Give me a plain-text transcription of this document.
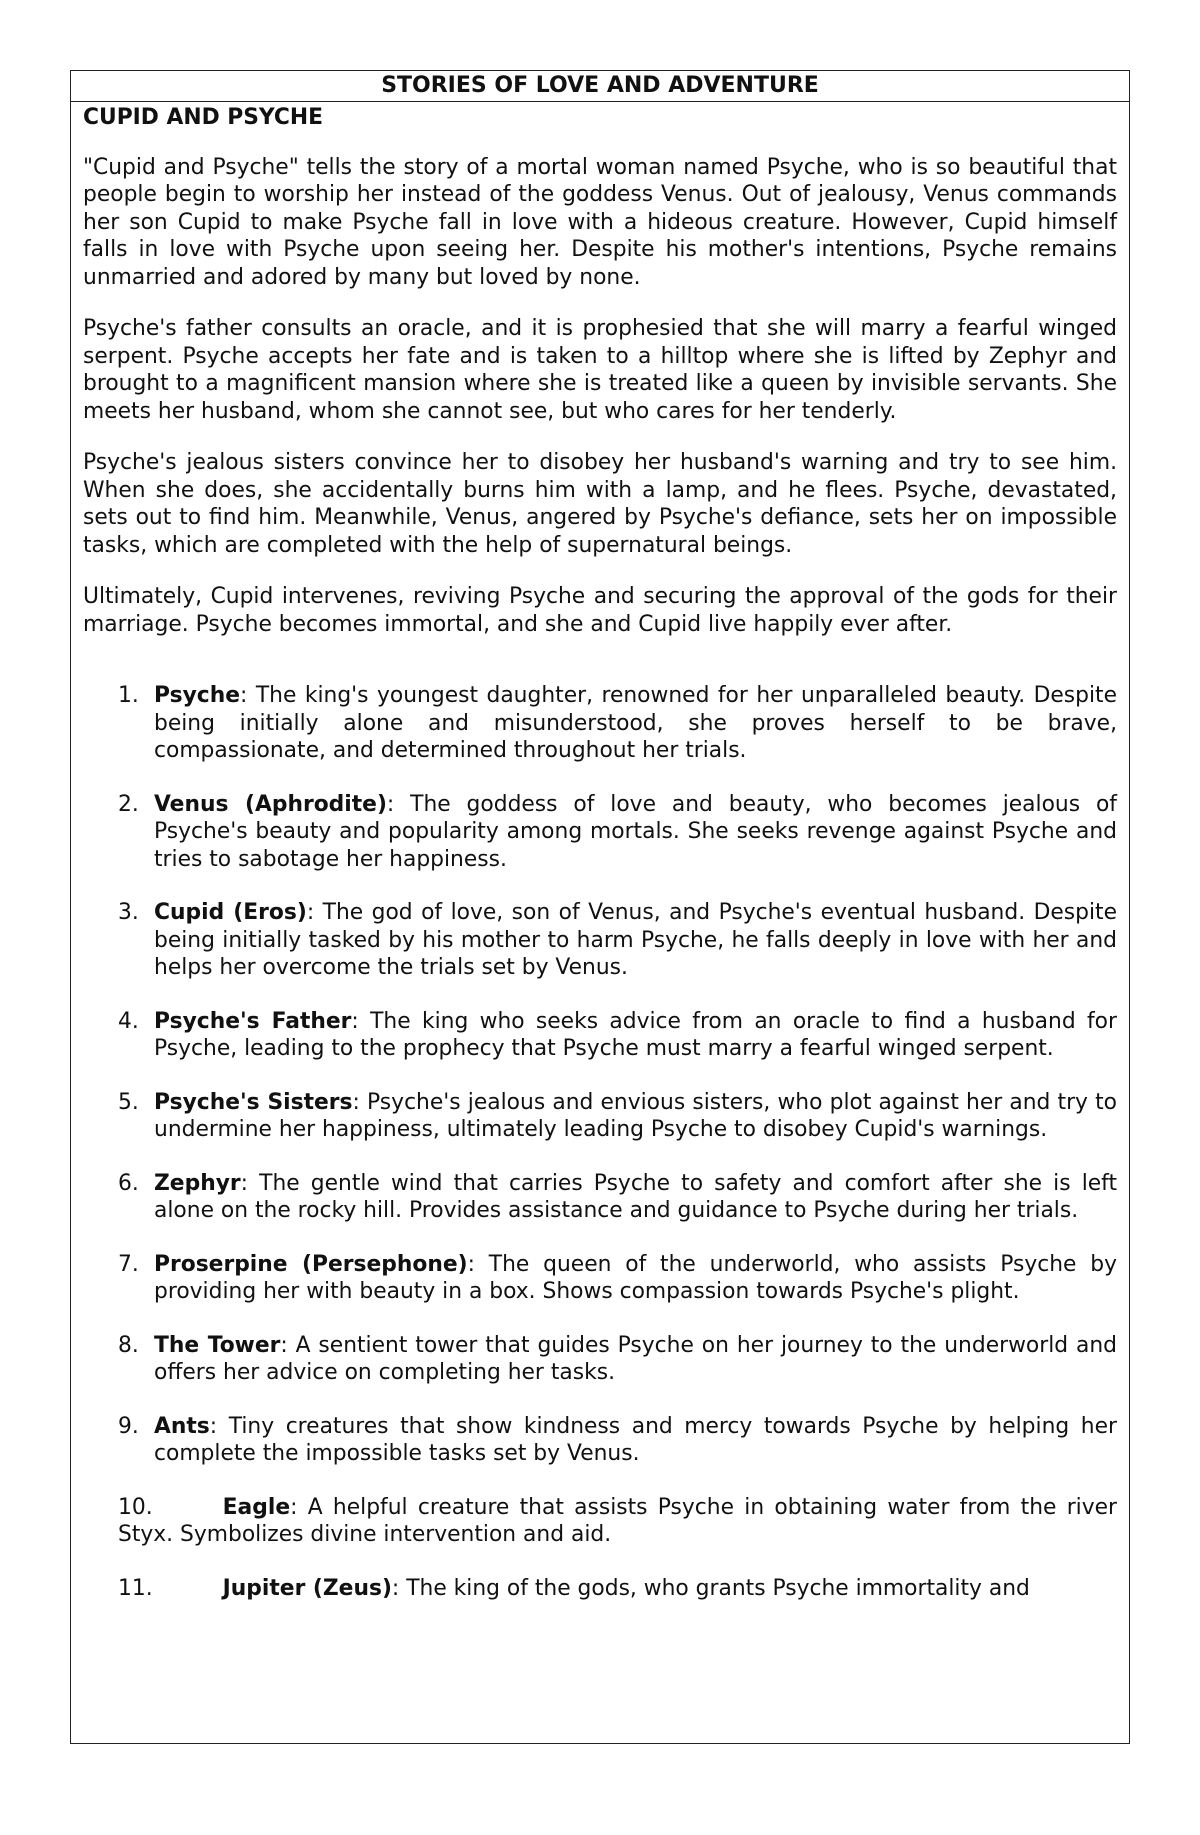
STORIES OF LOVE AND ADVENTURE
CUPID AND PSYCHE

"Cupid and Psyche" tells the story of a mortal woman named Psyche, who is so beautiful that people begin to worship her instead of the goddess Venus. Out of jealousy, Venus commands her son Cupid to make Psyche fall in love with a hideous creature. However, Cupid himself falls in love with Psyche upon seeing her. Despite his mother's intentions, Psyche remains unmarried and adored by many but loved by none.

Psyche's father consults an oracle, and it is prophesied that she will marry a fearful winged serpent. Psyche accepts her fate and is taken to a hilltop where she is lifted by Zephyr and brought to a magnificent mansion where she is treated like a queen by invisible servants. She meets her husband, whom she cannot see, but who cares for her tenderly.

Psyche's jealous sisters convince her to disobey her husband's warning and try to see him. When she does, she accidentally burns him with a lamp, and he flees. Psyche, devastated, sets out to find him. Meanwhile, Venus, angered by Psyche's defiance, sets her on impossible tasks, which are completed with the help of supernatural beings.

Ultimately, Cupid intervenes, reviving Psyche and securing the approval of the gods for their marriage. Psyche becomes immortal, and she and Cupid live happily ever after.

1. Psyche: The king's youngest daughter, renowned for her unparalleled beauty. Despite being initially alone and misunderstood, she proves herself to be brave, compassionate, and determined throughout her trials.
2. Venus (Aphrodite): The goddess of love and beauty, who becomes jealous of Psyche's beauty and popularity among mortals. She seeks revenge against Psyche and tries to sabotage her happiness.
3. Cupid (Eros): The god of love, son of Venus, and Psyche's eventual husband. Despite being initially tasked by his mother to harm Psyche, he falls deeply in love with her and helps her overcome the trials set by Venus.
4. Psyche's Father: The king who seeks advice from an oracle to find a husband for Psyche, leading to the prophecy that Psyche must marry a fearful winged serpent.
5. Psyche's Sisters: Psyche's jealous and envious sisters, who plot against her and try to undermine her happiness, ultimately leading Psyche to disobey Cupid's warnings.
6. Zephyr: The gentle wind that carries Psyche to safety and comfort after she is left alone on the rocky hill. Provides assistance and guidance to Psyche during her trials.
7. Proserpine (Persephone): The queen of the underworld, who assists Psyche by providing her with beauty in a box. Shows compassion towards Psyche's plight.
8. The Tower: A sentient tower that guides Psyche on her journey to the underworld and offers her advice on completing her tasks.
9. Ants: Tiny creatures that show kindness and mercy towards Psyche by helping her complete the impossible tasks set by Venus.
10.	Eagle: A helpful creature that assists Psyche in obtaining water from the river Styx. Symbolizes divine intervention and aid.
11.	Jupiter (Zeus): The king of the gods, who grants Psyche immortality and
